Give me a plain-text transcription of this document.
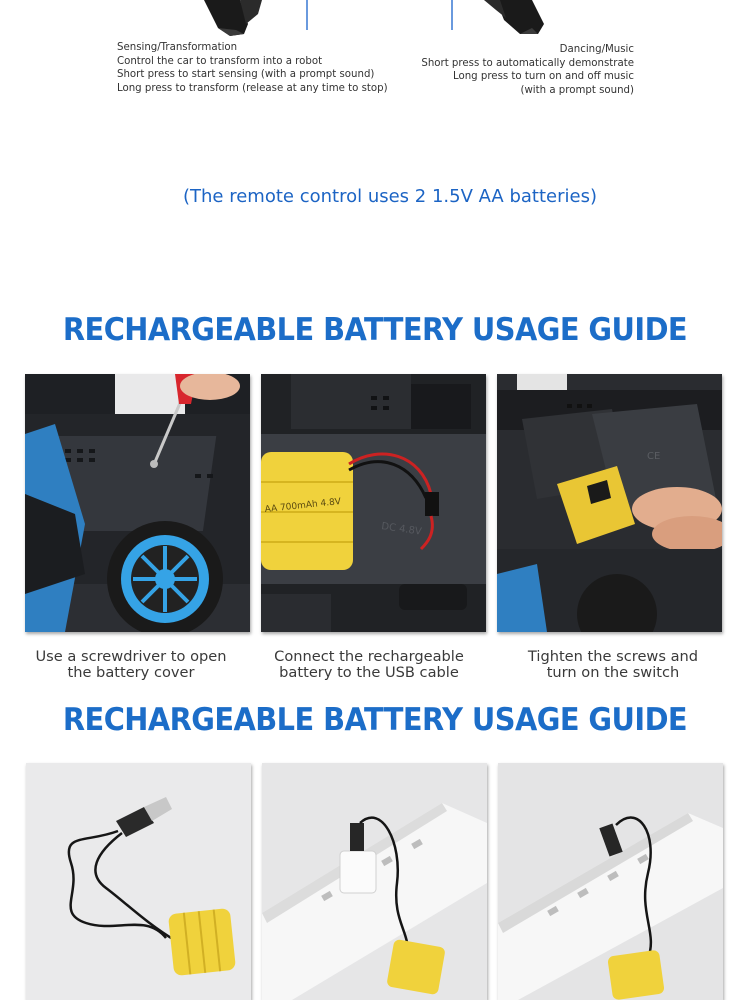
Sensing/Transformation
Control the car to transform into a robot
Short press to start sensing (with a prompt sound)
Long press to transform (release at any time to stop)
Dancing/Music
Short press to automatically demonstrate
Long press to turn on and off music
(with a prompt sound)
(The remote control uses 2 1.5V AA batteries)
RECHARGEABLE BATTERY USAGE GUIDE
AA 700mAh 4.8V
DC 4.8V
CE
Use a screwdriver to open
the battery cover
Connect the rechargeable
battery to the USB cable
Tighten the screws and
turn on the switch
RECHARGEABLE BATTERY USAGE GUIDE
